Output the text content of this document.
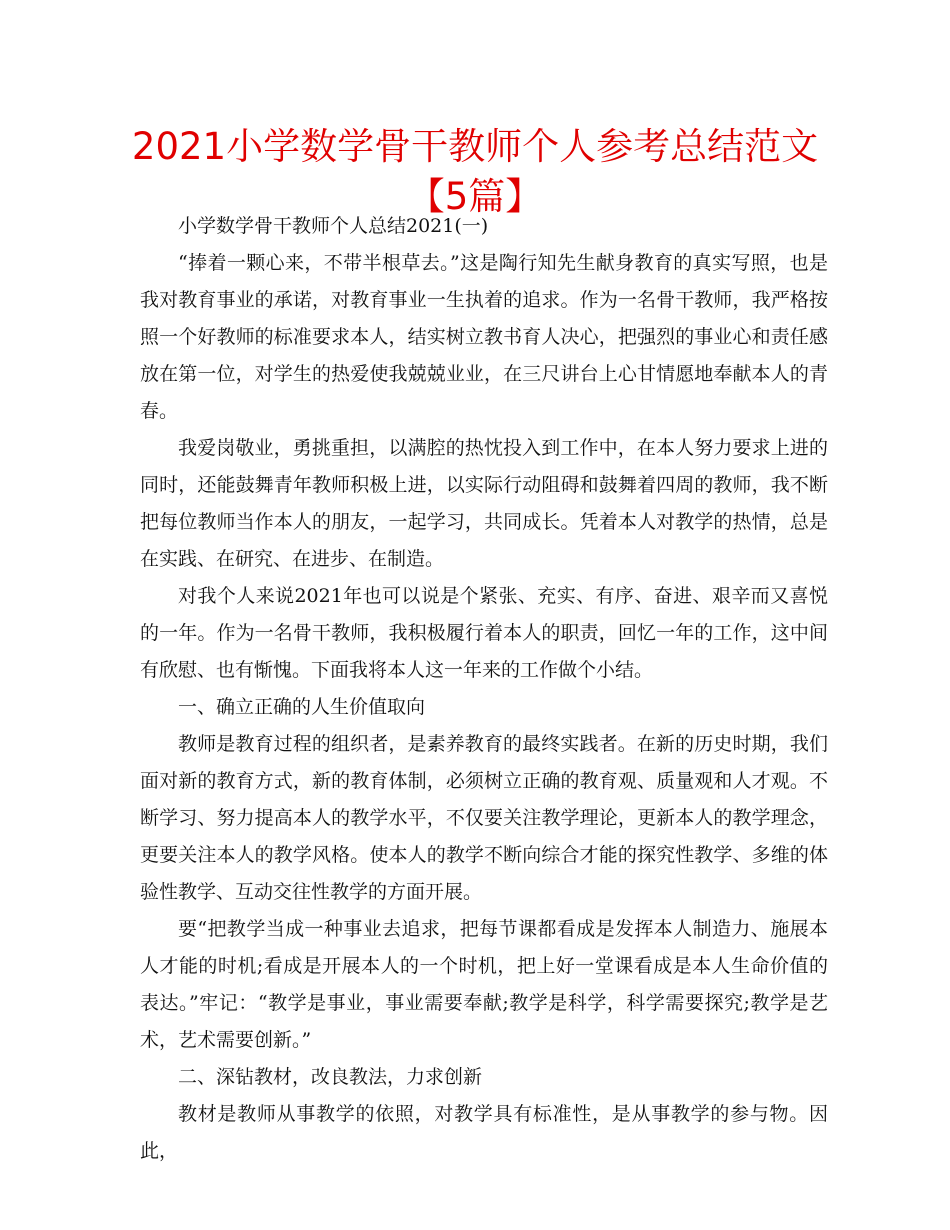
2021小学数学骨干教师个人参考总结范文【5篇】

小学数学骨干教师个人总结2021(一)

“捧着一颗心来，不带半根草去。”这是陶行知先生献身教育的真实写照，也是我对教育事业的承诺，对教育事业一生执着的追求。作为一名骨干教师，我严格按照一个好教师的标准要求本人，结实树立教书育人决心，把强烈的事业心和责任感放在第一位，对学生的热爱使我兢兢业业，在三尺讲台上心甘情愿地奉献本人的青春。

我爱岗敬业，勇挑重担，以满腔的热忱投入到工作中，在本人努力要求上进的同时，还能鼓舞青年教师积极上进，以实际行动阻碍和鼓舞着四周的教师，我不断把每位教师当作本人的朋友，一起学习，共同成长。凭着本人对教学的热情，总是在实践、在研究、在进步、在制造。

对我个人来说2021年也可以说是个紧张、充实、有序、奋进、艰辛而又喜悦的一年。作为一名骨干教师，我积极履行着本人的职责，回忆一年的工作，这中间有欣慰、也有惭愧。下面我将本人这一年来的工作做个小结。

一、确立正确的人生价值取向

教师是教育过程的组织者，是素养教育的最终实践者。在新的历史时期，我们面对新的教育方式，新的教育体制，必须树立正确的教育观、质量观和人才观。不断学习、努力提高本人的教学水平，不仅要关注教学理论，更新本人的教学理念，更要关注本人的教学风格。使本人的教学不断向综合才能的探究性教学、多维的体验性教学、互动交往性教学的方面开展。

要“把教学当成一种事业去追求，把每节课都看成是发挥本人制造力、施展本人才能的时机;看成是开展本人的一个时机，把上好一堂课看成是本人生命价值的表达。”牢记：“教学是事业，事业需要奉献;教学是科学，科学需要探究;教学是艺术，艺术需要创新。”

二、深钻教材，改良教法，力求创新

教材是教师从事教学的依照，对教学具有标准性，是从事教学的参与物。因此，
